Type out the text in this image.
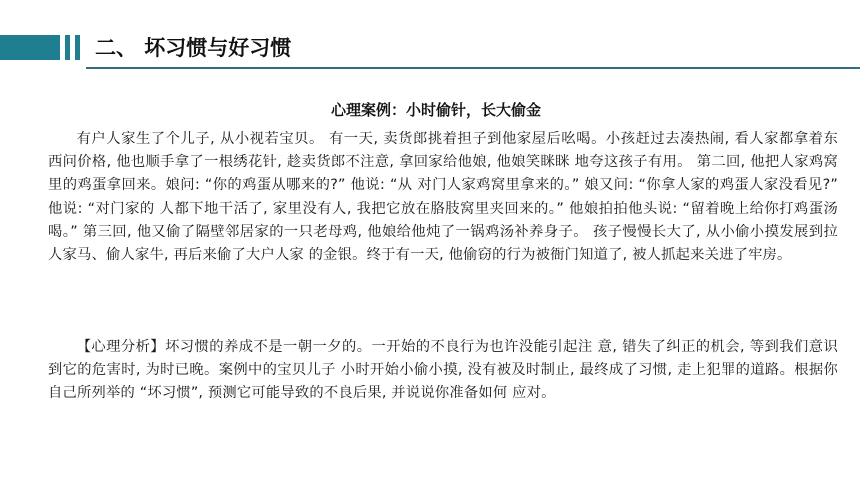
二、 坏习惯与好习惯
心理案例：小时偷针，长大偷金

有户人家生了个儿子, 从小视若宝贝。 有一天, 卖货郎挑着担子到他家屋后吆喝。小孩赶过去凑热闹, 看人家都拿着东 西问价格, 他也顺手拿了一根绣花针, 趁卖货郎不注意, 拿回家给他娘, 他娘笑眯眯 地夸这孩子有用。 第二回, 他把人家鸡窝里的鸡蛋拿回来。娘问: “你的鸡蛋从哪来的?” 他说: “从 对门人家鸡窝里拿来的。” 娘又问: “你拿人家的鸡蛋人家没看见?” 他说: “对门家的 人都下地干活了, 家里没有人, 我把它放在胳肢窝里夹回来的。” 他娘拍拍他头说: “留着晚上给你打鸡蛋汤喝。” 第三回, 他又偷了隔壁邻居家的一只老母鸡, 他娘给他炖了一锅鸡汤补养身子。 孩子慢慢长大了, 从小偷小摸发展到拉人家马、偷人家牛, 再后来偷了大户人家 的金银。终于有一天, 他偷窃的行为被衙门知道了, 被人抓起来关进了牢房。

【心理分析】坏习惯的养成不是一朝一夕的。一开始的不良行为也许没能引起注 意, 错失了纠正的机会, 等到我们意识到它的危害时, 为时已晚。案例中的宝贝儿子 小时开始小偷小摸, 没有被及时制止, 最终成了习惯, 走上犯罪的道路。根据你自己所列举的 “坏习惯”, 预测它可能导致的不良后果, 并说说你准备如何 应对。
